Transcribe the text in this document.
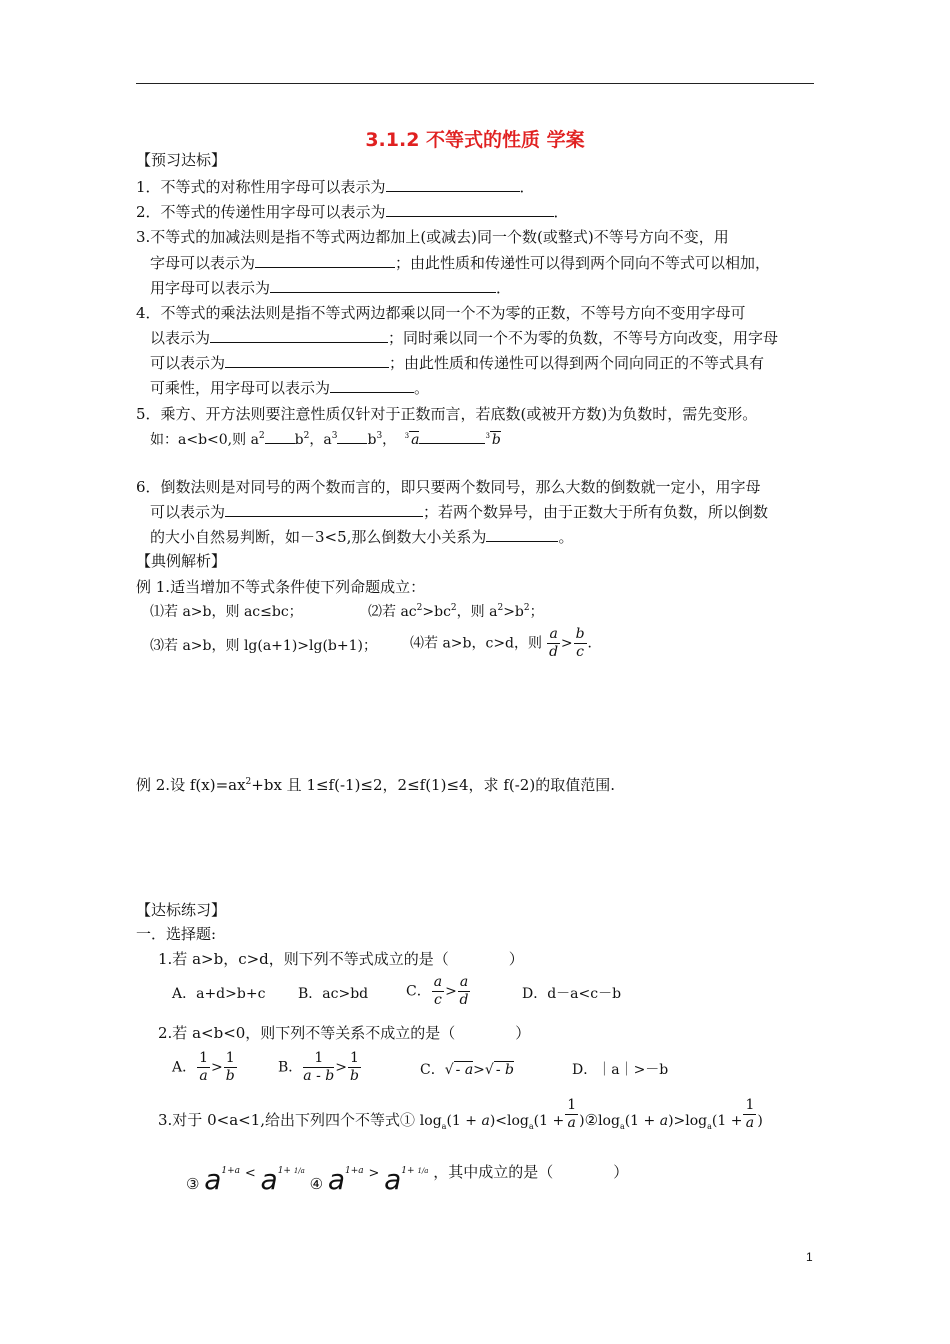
3.1.2 不等式的性质 学案
【预习达标】
1．不等式的对称性用字母可以表示为	．
2．不等式的传递性用字母可以表示为	．
3.不等式的加减法则是指不等式两边都加上(或减去)同一个数(或整式)不等号方向不变，用
字母可以表示为	；由此性质和传递性可以得到两个同向不等式可以相加，
用字母可以表示为	．
4．不等式的乘法法则是指不等式两边都乘以同一个不为零的正数，不等号方向不变用字母可
以表示为	；同时乘以同一个不为零的负数，不等号方向改变，用字母
可以表示为	；由此性质和传递性可以得到两个同向同正的不等式具有
可乘性，用字母可以表示为	。
5．乘方、开方法则要注意性质仅针对于正数而言，若底数(或被开方数)为负数时，需先变形。
如：a<b<0,则 $a^2$ $b^2$，$a^3$ $b^3$， $^3$ a	$^3$ b
6．倒数法则是对同号的两个数而言的，即只要两个数同号，那么大数的倒数就一定小，用字母
可以表示为	；若两个数异号，由于正数大于所有负数，所以倒数
的大小自然易判断，如－3<5,那么倒数大小关系为	。
【典例解析】
例 1.适当增加不等式条件使下列命题成立：
⑴若 a>b，则 ac≤bc；	⑵若 $ac^2>bc^2$，则 $a^2>b^2$；
⑶若 a>b，则 lg(a+1)>lg(b+1)； ⑷若 a>b，c>d，则 $\frac{a}{d} > \frac{b}{c}$ ．
例 2.设 $f(x)=ax^2+bx$ 且 1≤f(-1)≤2，2≤f(1)≤4，求 f(-2)的取值范围.
【达标练习】
一．选择题:
1.若 a>b，c>d，则下列不等式成立的是（　　　　）
A．a+d>b+c B．ac>bd	C． $\frac{a}{c} > \frac{a}{d}$	D．d－a<c－b
2.若 a<b<0，则下列不等关系不成立的是（　　　　）
A． $\frac{1}{a} > \frac{1}{b}$	B． $\frac{1}{a - b} > \frac{1}{b}$	C．√ - a>√ - b	D．｜a｜>－b
3.对于 0<a<1,给出下列四个不等式① $\log_a(1 + a)<\log_a(1 + \frac{1}{a}$ )$②\log_a(1 + a)>\log_a(1 + \frac{1}{a}$ )
③ $a^{1+a} < a^{1+ 1/a}$ ④ $a^{1+a} > a^{1+ 1/a}$ ，其中成立的是（　　　　）
1
